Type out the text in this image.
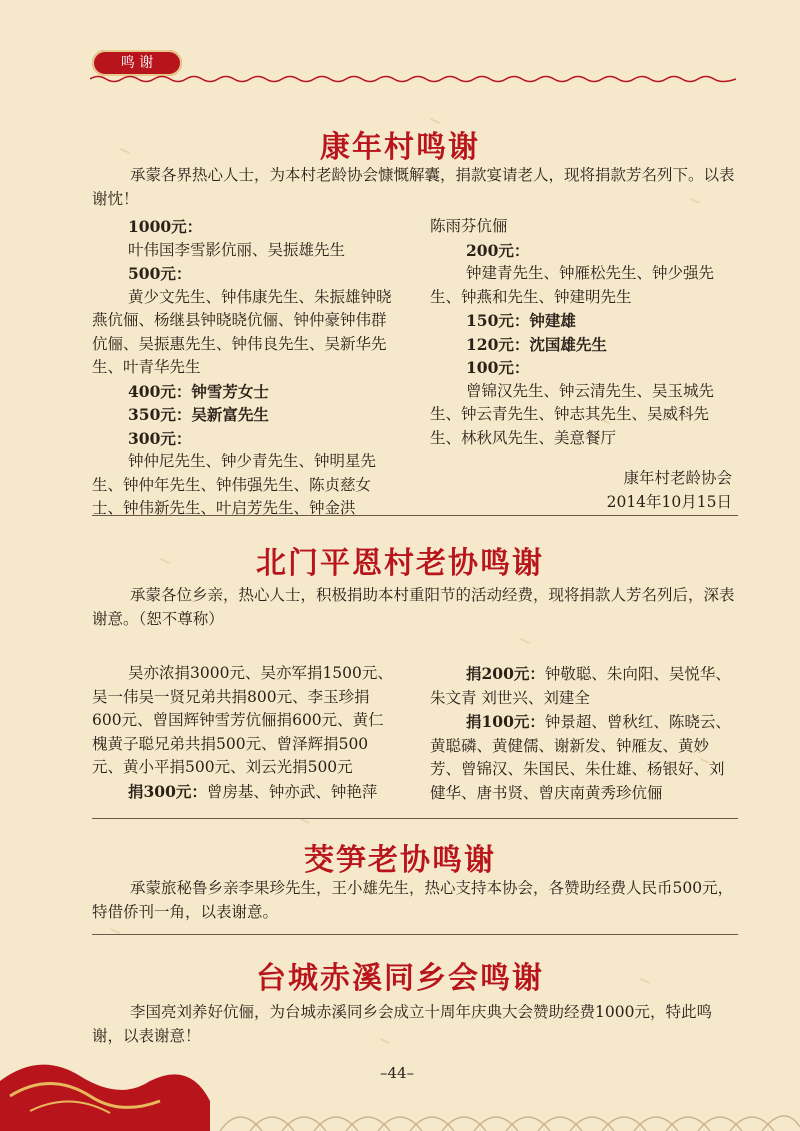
鸣 谢
康年村鸣谢
承蒙各界热心人士，为本村老龄协会慷慨解囊，捐款宴请老人，现将捐款芳名列下。以表谢忱！

1000元：

叶伟国李雪影伉丽、吴振雄先生

500元：

黄少文先生、钟伟康先生、朱振雄钟晓燕伉俪、杨继县钟晓晓伉俪、钟仲豪钟伟群伉俪、吴振惠先生、钟伟良先生、吴新华先生、叶青华先生

400元：钟雪芳女士

350元：吴新富先生

300元：

钟仲尼先生、钟少青先生、钟明星先生、钟仲年先生、钟伟强先生、陈贞慈女士、钟伟新先生、叶启芳先生、钟金洪

陈雨芬伉俪

200元：

钟建青先生、钟雁松先生、钟少强先生、钟燕和先生、钟建明先生

150元：钟建雄

120元：沈国雄先生

100元：

曾锦汉先生、钟云清先生、吴玉城先生、钟云青先生、钟志其先生、吴威科先生、林秋风先生、美意餐厅

康年村老龄协会
2014年10月15日
北门平恩村老协鸣谢
承蒙各位乡亲，热心人士，积极捐助本村重阳节的活动经费，现将捐款人芳名列后，深表谢意。（恕不尊称）

吴亦浓捐3000元、吴亦军捐1500元、吴一伟吴一贤兄弟共捐800元、李玉珍捐600元、曾国辉钟雪芳伉俪捐600元、黄仁槐黄子聪兄弟共捐500元、曾泽辉捐500元、黄小平捐500元、刘云光捐500元

捐300元：曾房基、钟亦武、钟艳萍

捐200元：钟敬聪、朱向阳、吴悦华、朱文青 刘世兴、刘建全

捐100元：钟景超、曾秋红、陈晓云、黄聪磷、黄健儒、谢新发、钟雁友、黄妙芳、曾锦汉、朱国民、朱仕雄、杨银好、刘健华、唐书贤、曾庆南黄秀珍伉俪

茭笋老协鸣谢
承蒙旅秘鲁乡亲李果珍先生，王小雄先生，热心支持本协会，各赞助经费人民币500元，特借侨刊一角，以表谢意。
台城赤溪同乡会鸣谢
李国亮刘养好伉俪，为台城赤溪同乡会成立十周年庆典大会赞助经费1000元，特此鸣谢，以表谢意！
–44–
